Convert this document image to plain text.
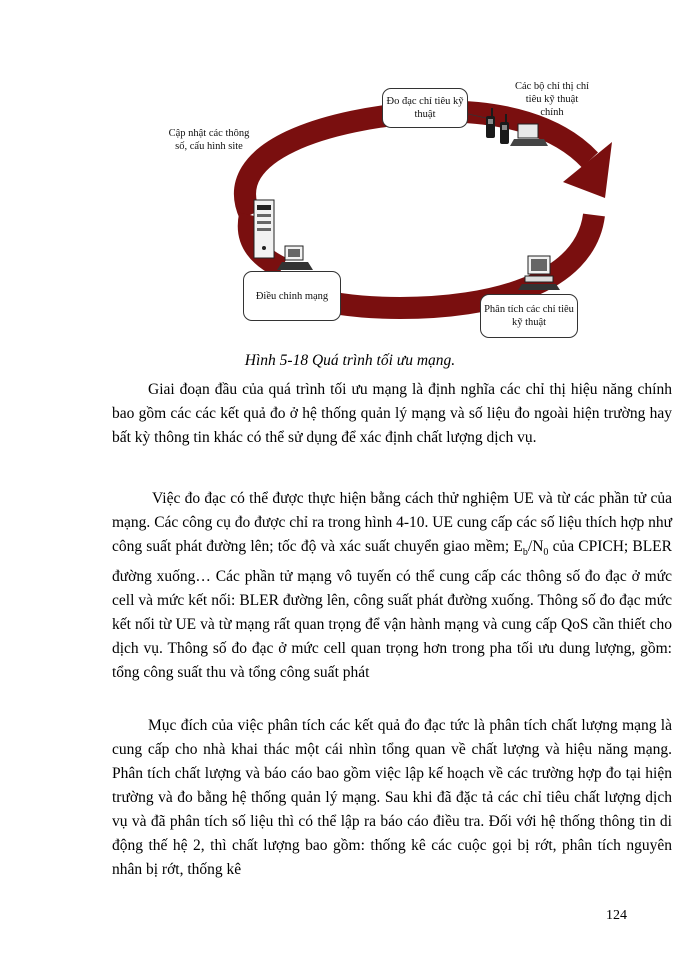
Đo đạc chỉ tiêu kỹ thuật
Các bộ chỉ thị chỉ tiêu kỹ thuật chính
Cập nhật các thông số, cấu hình site
Điều chỉnh mạng
Phân tích các chỉ tiêu kỹ thuật
Hình 5-18 Quá trình tối ưu mạng.

Giai đoạn đầu của quá trình tối ưu mạng là định nghĩa các chỉ thị hiệu năng chính bao gồm các các kết quả đo ở hệ thống quản lý mạng và số liệu đo ngoài hiện trường hay bất kỳ thông tin khác có thể sử dụng để xác định chất lượng dịch vụ.

Việc đo đạc có thể được thực hiện bằng cách thử nghiệm UE và từ các phần tử của mạng. Các công cụ đo được chỉ ra trong hình 4-10. UE cung cấp các số liệu thích hợp như công suất phát đường lên; tốc độ và xác suất chuyển giao mềm; $E_b/N_0$ của CPICH; BLER đường xuống… Các phần tử mạng vô tuyến có thể cung cấp các thông số đo đạc ở mức cell và mức kết nối: BLER đường lên, công suất phát đường xuống. Thông số đo đạc mức kết nối từ UE và từ mạng rất quan trọng để vận hành mạng và cung cấp QoS cần thiết cho dịch vụ. Thông số đo đạc ở mức cell quan trọng hơn trong pha tối ưu dung lượng, gồm: tổng công suất thu và tổng công suất phát

Mục đích của việc phân tích các kết quả đo đạc tức là phân tích chất lượng mạng là cung cấp cho nhà khai thác một cái nhìn tổng quan về chất lượng và hiệu năng mạng. Phân tích chất lượng và báo cáo bao gồm việc lập kế hoạch về các trường hợp đo tại hiện trường và đo bằng hệ thống quản lý mạng. Sau khi đã đặc tả các chỉ tiêu chất lượng dịch vụ và đã phân tích số liệu thì có thể lập ra báo cáo điều tra. Đối với hệ thống thông tin di động thế hệ 2, thì chất lượng bao gồm: thống kê các cuộc gọi bị rớt, phân tích nguyên nhân bị rớt, thống kê

124
